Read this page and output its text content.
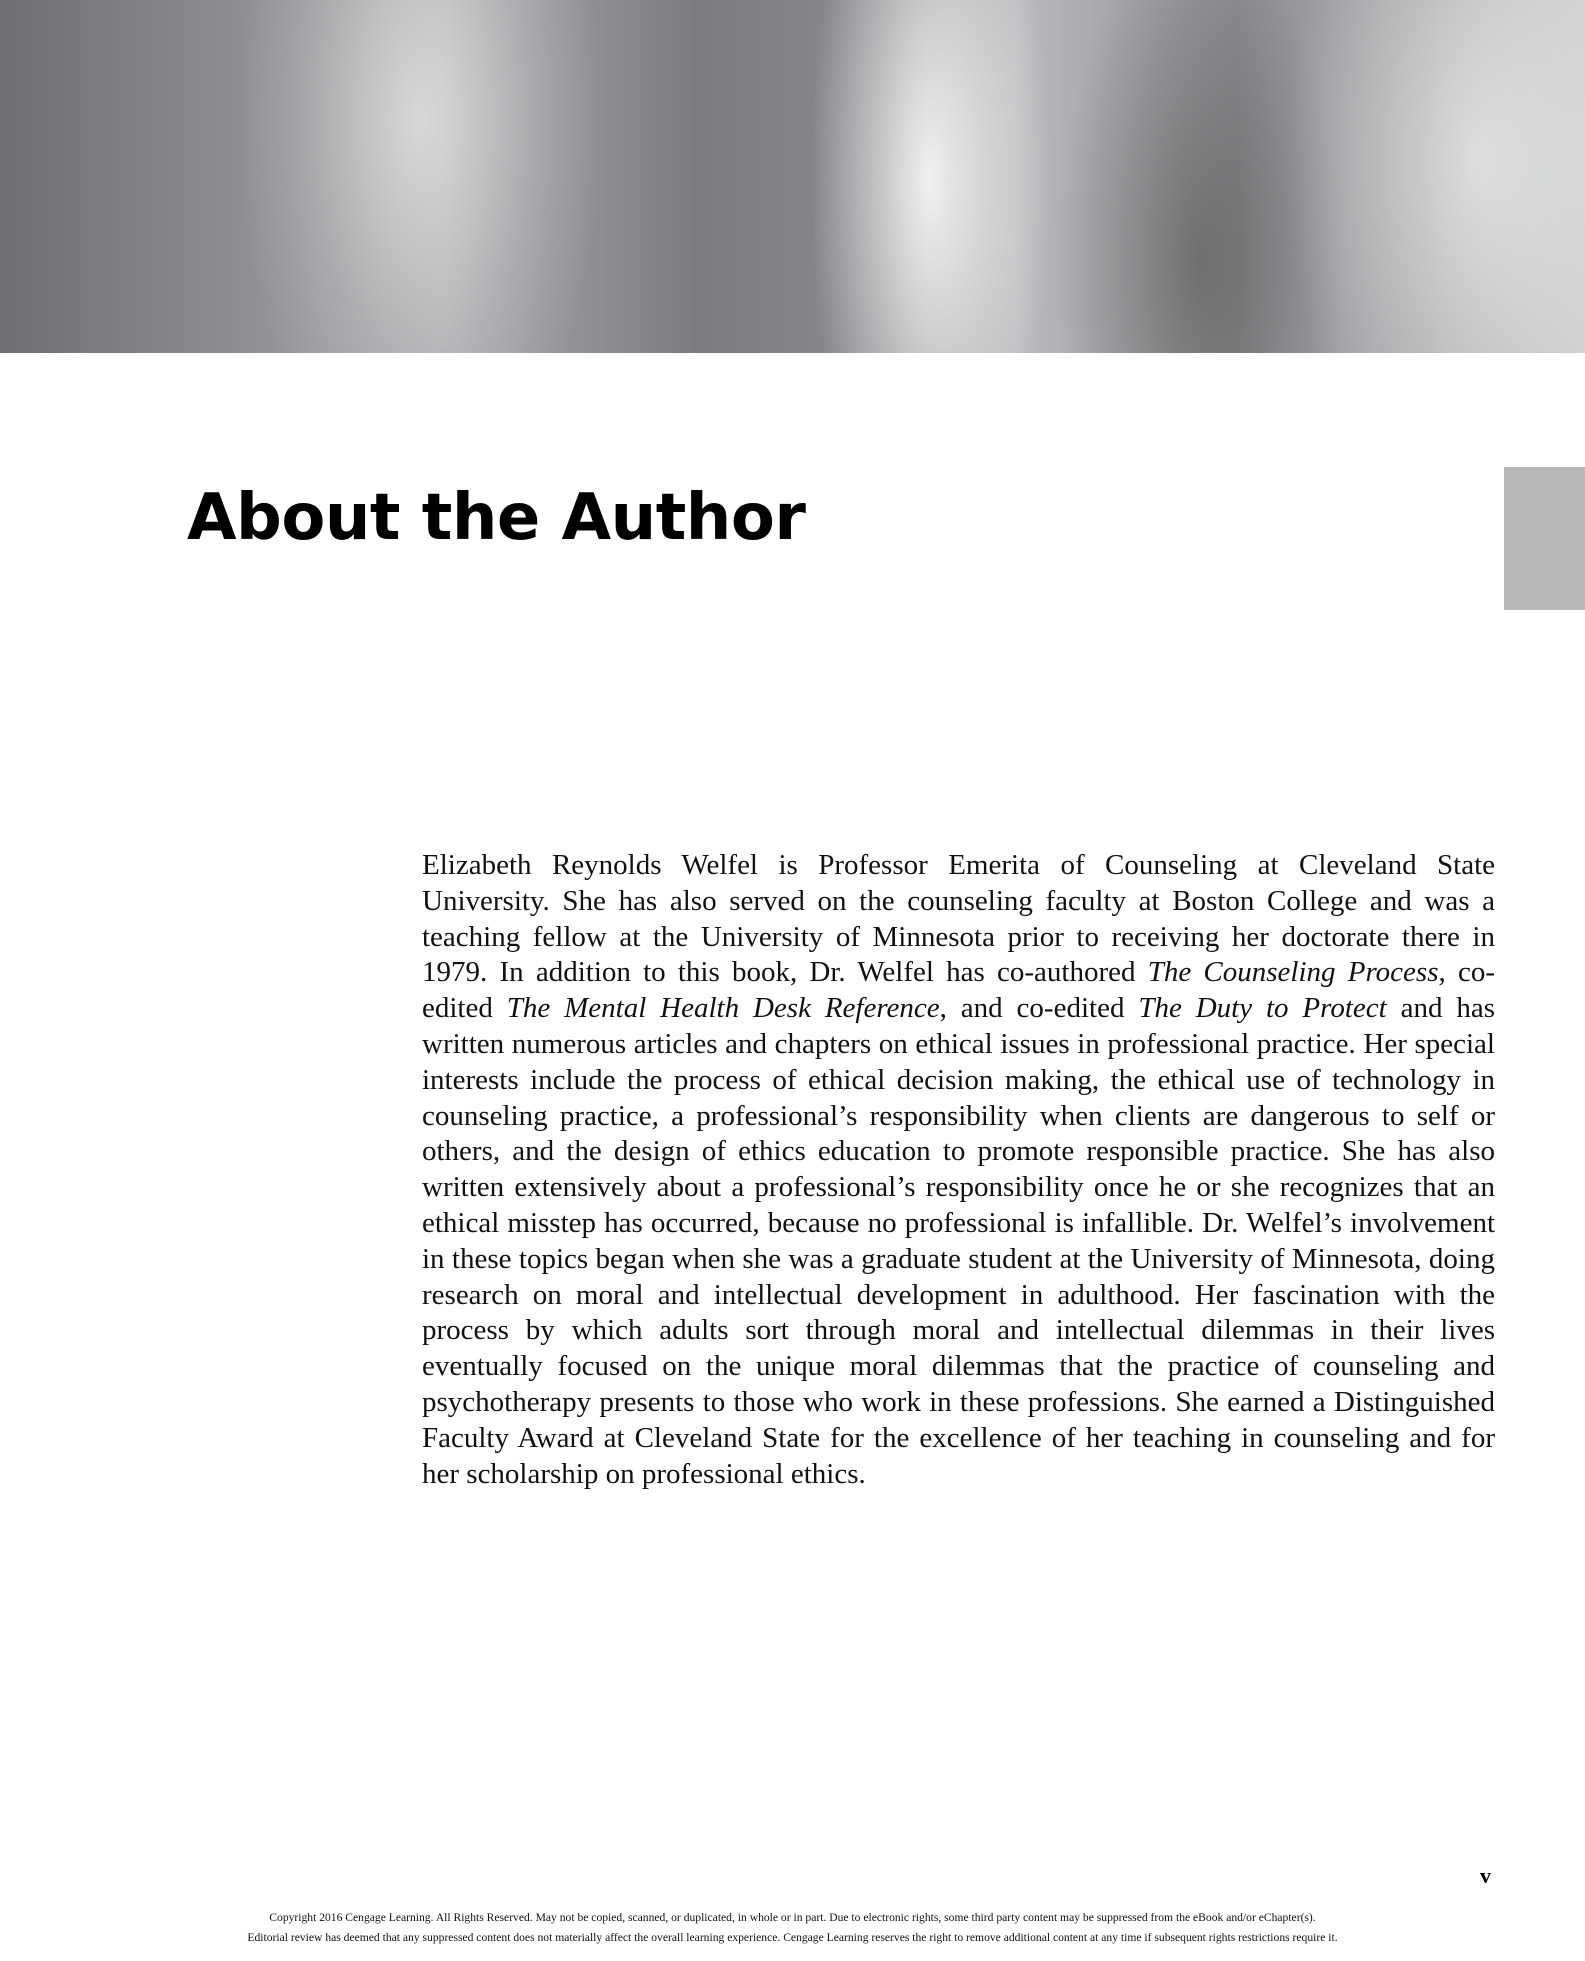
About the Author

Elizabeth Reynolds Welfel is Professor Emerita of Counseling at Cleveland State University. She has also served on the counseling faculty at Boston College and was a teaching fellow at the University of Minnesota prior to receiving her doctorate there in 1979. In addition to this book, Dr. Welfel has co-authored The Counseling Process, co-edited The Mental Health Desk Reference, and co-edited The Duty to Protect and has written numerous articles and chapters on ethical issues in professional practice. Her special interests include the process of ethical decision making, the ethical use of technology in counseling practice, a professional’s responsibility when clients are dangerous to self or others, and the design of ethics education to promote responsible practice. She has also written extensively about a professional’s responsibility once he or she recognizes that an ethical misstep has occurred, because no professional is infallible. Dr. Welfel’s involvement in these topics began when she was a graduate student at the University of Minnesota, doing research on moral and intellectual development in adulthood. Her fascination with the process by which adults sort through moral and intellectual dilemmas in their lives eventually focused on the unique moral dilemmas that the practice of counseling and psychotherapy presents to those who work in these professions. She earned a Distinguished Faculty Award at Cleveland State for the excellence of her teaching in counseling and for her scholarship on professional ethics.

v
Copyright 2016 Cengage Learning. All Rights Reserved. May not be copied, scanned, or duplicated, in whole or in part. Due to electronic rights, some third party content may be suppressed from the eBook and/or eChapter(s).
Editorial review has deemed that any suppressed content does not materially affect the overall learning experience. Cengage Learning reserves the right to remove additional content at any time if subsequent rights restrictions require it.
